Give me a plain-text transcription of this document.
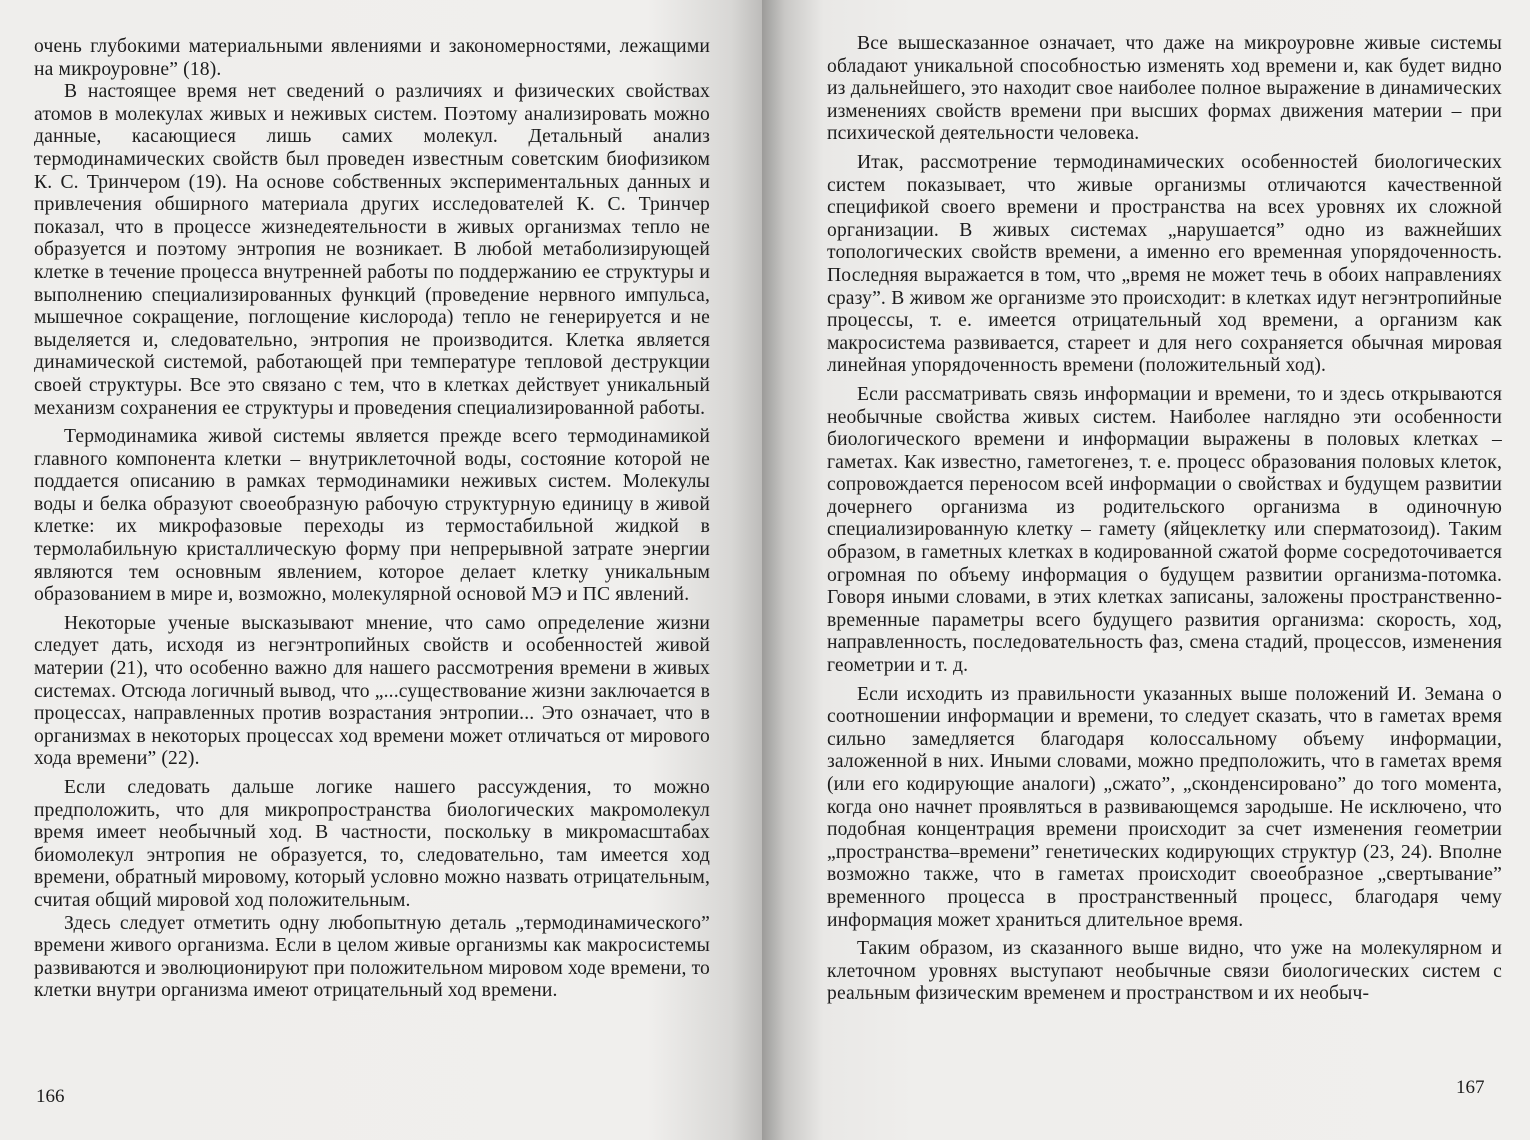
очень глубокими материальными явлениями и закономерностями, лежащими на микроуровне” (18).

В настоящее время нет сведений о различиях и физических свойствах атомов в молекулах живых и неживых систем. Поэтому анализировать можно данные, касающиеся лишь самих молекул. Детальный анализ термодинамических свойств был проведен известным советским биофизиком К. С. Тринчером (19). На основе собственных экспериментальных данных и привлечения обширного материала других исследователей К. С. Тринчер показал, что в процессе жизнедеятельности в живых организмах тепло не образуется и поэтому энтропия не возникает. В любой метаболизирующей клетке в течение процесса внутренней работы по поддержанию ее структуры и выполнению специализированных функций (проведение нервного импульса, мышечное сокращение, поглощение кислорода) тепло не генерируется и не выделяется и, следовательно, энтропия не производится. Клетка является динамической системой, работающей при температуре тепловой деструкции своей структуры. Все это связано с тем, что в клетках действует уникальный механизм сохранения ее структуры и проведения специализированной работы.

Термодинамика живой системы является прежде всего термодинамикой главного компонента клетки – внутриклеточной воды, состояние которой не поддается описанию в рамках термодинамики неживых систем. Молекулы воды и белка образуют своеобразную рабочую структурную единицу в живой клетке: их микрофазовые переходы из термостабильной жидкой в термолабильную кристаллическую форму при непрерывной затрате энергии являются тем основным явлением, которое делает клетку уникальным образованием в мире и, возможно, молекулярной основой МЭ и ПС явлений.

Некоторые ученые высказывают мнение, что само определение жизни следует дать, исходя из негэнтропийных свойств и особенностей живой материи (21), что особенно важно для нашего рассмотрения времени в живых системах. Отсюда логичный вывод, что „...существование жизни заключается в процессах, направленных против возрастания энтропии... Это означает, что в организмах в некоторых процессах ход времени может отличаться от мирового хода времени” (22).

Если следовать дальше логике нашего рассуждения, то можно предположить, что для микропространства биологических макромолекул время имеет необычный ход. В частности, поскольку в микромасштабах биомолекул энтропия не образуется, то, следовательно, там имеется ход времени, обратный мировому, который условно можно назвать отрицательным, считая общий мировой ход положительным.

Здесь следует отметить одну любопытную деталь „термодинамического” времени живого организма. Если в целом живые организмы как макросистемы развиваются и эволюционируют при положительном мировом ходе времени, то клетки внутри организма имеют отрицательный ход времени.

166

Все вышесказанное означает, что даже на микроуровне живые системы обладают уникальной способностью изменять ход времени и, как будет видно из дальнейшего, это находит свое наиболее полное выражение в динамических изменениях свойств времени при высших формах движения материи – при психической деятельности человека.

Итак, рассмотрение термодинамических особенностей биологических систем показывает, что живые организмы отличаются качественной спецификой своего времени и пространства на всех уровнях их сложной организации. В живых системах „нарушается” одно из важнейших топологических свойств времени, а именно его временная упорядоченность. Последняя выражается в том, что „время не может течь в обоих направлениях сразу”. В живом же организме это происходит: в клетках идут негэнтропийные процессы, т. е. имеется отрицательный ход времени, а организм как макросистема развивается, стареет и для него сохраняется обычная мировая линейная упорядоченность времени (положительный ход).

Если рассматривать связь информации и времени, то и здесь открываются необычные свойства живых систем. Наиболее наглядно эти особенности биологического времени и информации выражены в половых клетках – гаметах. Как известно, гаметогенез, т. е. процесс образования половых клеток, сопровождается переносом всей информации о свойствах и будущем развитии дочернего организма из родительского организма в одиночную специализированную клетку – гамету (яйцеклетку или сперматозоид). Таким образом, в гаметных клетках в кодированной сжатой форме сосредоточивается огромная по объему информация о будущем развитии организма-потомка. Говоря иными словами, в этих клетках записаны, заложены пространственно-временные параметры всего будущего развития организма: скорость, ход, направленность, последовательность фаз, смена стадий, процессов, изменения геометрии и т. д.

Если исходить из правильности указанных выше положений И. Земана о соотношении информации и времени, то следует сказать, что в гаметах время сильно замедляется благодаря колоссальному объему информации, заложенной в них. Иными словами, можно предположить, что в гаметах время (или его кодирующие аналоги) „сжато”, „сконденсировано” до того момента, когда оно начнет проявляться в развивающемся зародыше. Не исключено, что подобная концентрация времени происходит за счет изменения геометрии „пространства–времени” генетических кодирующих структур (23, 24). Вполне возможно также, что в гаметах происходит своеобразное „свертывание” временного процесса в пространственный процесс, благодаря чему информация может храниться длительное время.

Таким образом, из сказанного выше видно, что уже на молекулярном и клеточном уровнях выступают необычные связи биологических систем с реальным физическим временем и пространством и их необыч-

167
